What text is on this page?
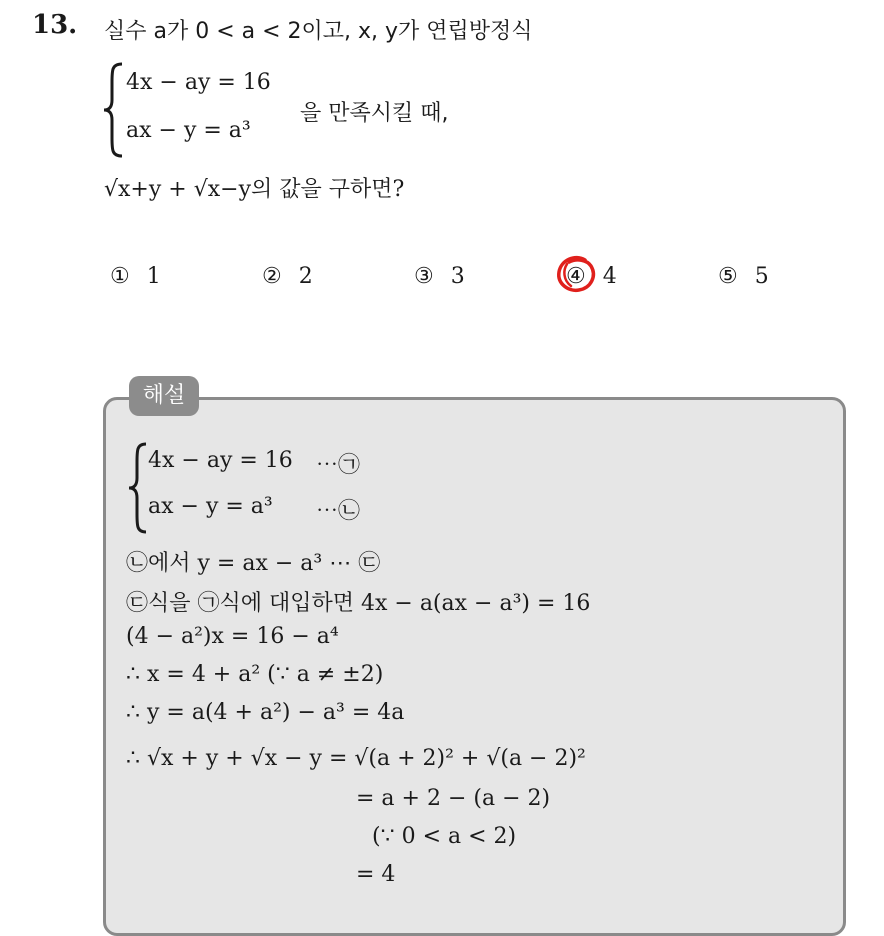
13. 실수 a가 0 < a < 2이고, x, y가 연립방정식
4x − ay = 16
ax − y = a³
을 만족시킬 때,
√x+y + √x−y의 값을 구하면?
① 1	② 2	③ 3	④ 4	⑤ 5
해설
4x − ay = 16 ⋯㉠
ax − y = a³ ⋯㉡
㉡에서 y = ax − a³ ⋯ ㉢
㉢식을 ㉠식에 대입하면 4x − a(ax − a³) = 16
(4 − a²)x = 16 − a⁴
∴ x = 4 + a² (∵ a ≠ ±2)
∴ y = a(4 + a²) − a³ = 4a
∴ √x + y + √x − y = √(a + 2)² + √(a − 2)²
= a + 2 − (a − 2)
(∵ 0 < a < 2)
= 4
